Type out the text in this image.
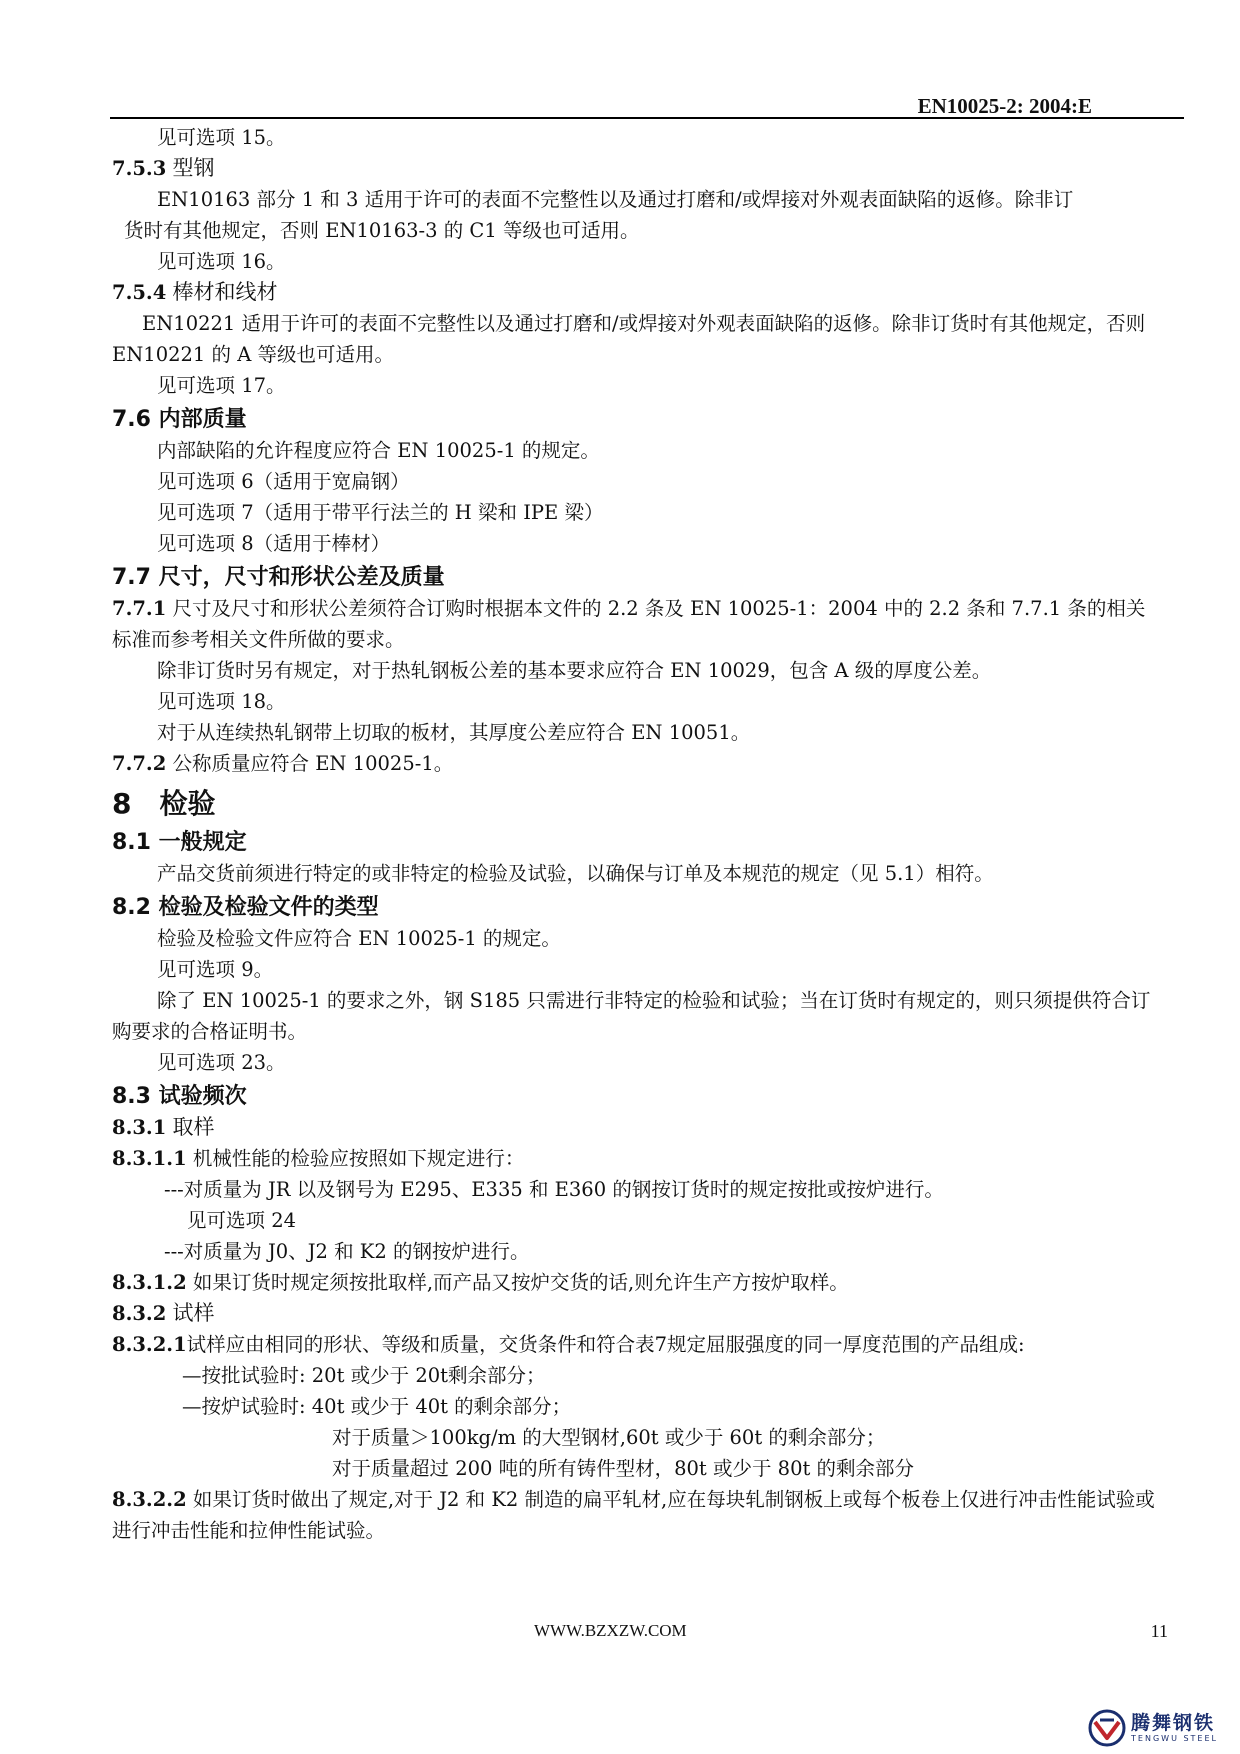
EN10025-2: 2004:E
见可选项 15。
7.5.3 型钢
EN10163 部分 1 和 3 适用于许可的表面不完整性以及通过打磨和/或焊接对外观表面缺陷的返修。除非订
货时有其他规定，否则 EN10163-3 的 C1 等级也可适用。
见可选项 16。
7.5.4 棒材和线材
EN10221 适用于许可的表面不完整性以及通过打磨和/或焊接对外观表面缺陷的返修。除非订货时有其他规定，否则 EN10221 的 A 等级也可适用。
见可选项 17。
7.6 内部质量
内部缺陷的允许程度应符合 EN 10025-1 的规定。
见可选项 6（适用于宽扁钢）
见可选项 7（适用于带平行法兰的 H 梁和 IPE 梁）
见可选项 8（适用于棒材）
7.7 尺寸，尺寸和形状公差及质量
7.7.1 尺寸及尺寸和形状公差须符合订购时根据本文件的 2.2 条及 EN 10025-1：2004 中的 2.2 条和 7.7.1 条的相关标准而参考相关文件所做的要求。
除非订货时另有规定，对于热轧钢板公差的基本要求应符合 EN 10029，包含 A 级的厚度公差。
见可选项 18。
对于从连续热轧钢带上切取的板材，其厚度公差应符合 EN 10051。
7.7.2 公称质量应符合 EN 10025-1。
8　检验
8.1 一般规定
产品交货前须进行特定的或非特定的检验及试验，以确保与订单及本规范的规定（见 5.1）相符。
8.2 检验及检验文件的类型
检验及检验文件应符合 EN 10025-1 的规定。
见可选项 9。
除了 EN 10025-1 的要求之外，钢 S185 只需进行非特定的检验和试验；当在订货时有规定的，则只须提供符合订购要求的合格证明书。
见可选项 23。
8.3 试验频次
8.3.1 取样
8.3.1.1 机械性能的检验应按照如下规定进行：
---对质量为 JR 以及钢号为 E295、E335 和 E360 的钢按订货时的规定按批或按炉进行。
见可选项 24
---对质量为 J0、J2 和 K2 的钢按炉进行。
8.3.1.2 如果订货时规定须按批取样,而产品又按炉交货的话,则允许生产方按炉取样。
8.3.2 试样
8.3.2.1试样应由相同的形状、等级和质量，交货条件和符合表7规定屈服强度的同一厚度范围的产品组成:
—按批试验时: 20t 或少于 20t剩余部分；
—按炉试验时: 40t 或少于 40t 的剩余部分；
对于质量＞100kg/m 的大型钢材,60t 或少于 60t 的剩余部分；
对于质量超过 200 吨的所有铸件型材，80t 或少于 80t 的剩余部分
8.3.2.2 如果订货时做出了规定,对于 J2 和 K2 制造的扁平轧材,应在每块轧制钢板上或每个板卷上仅进行冲击性能试验或进行冲击性能和拉伸性能试验。
WWW.BZXZW.COM	11
腾舞钢铁
TENGWU STEEL
